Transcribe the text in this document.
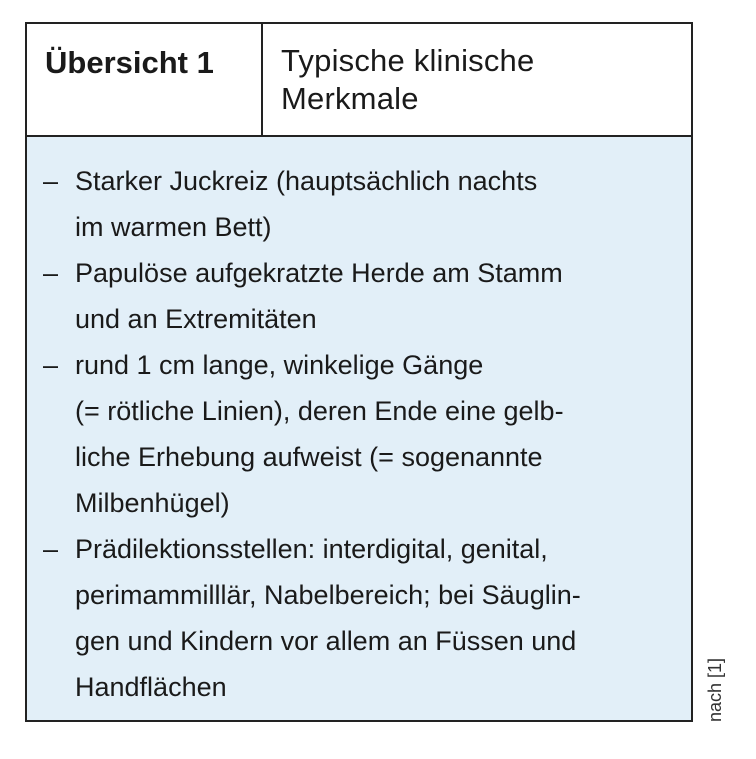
Übersicht 1	Typische klinische
Merkmale
– Starker Juckreiz (hauptsächlich nachts
im warmen Bett)
– Papulöse aufgekratzte Herde am Stamm
und an Extremitäten
– rund 1 cm lange, winkelige Gänge
(= rötliche Linien), deren Ende eine gelb-
liche Erhebung aufweist (= sogenannte
Milbenhügel)
– Prädilektionsstellen: interdigital, genital,
perimammilllär, Nabelbereich; bei Säuglin-
gen und Kindern vor allem an Füssen und
Handflächen	nach [1]
